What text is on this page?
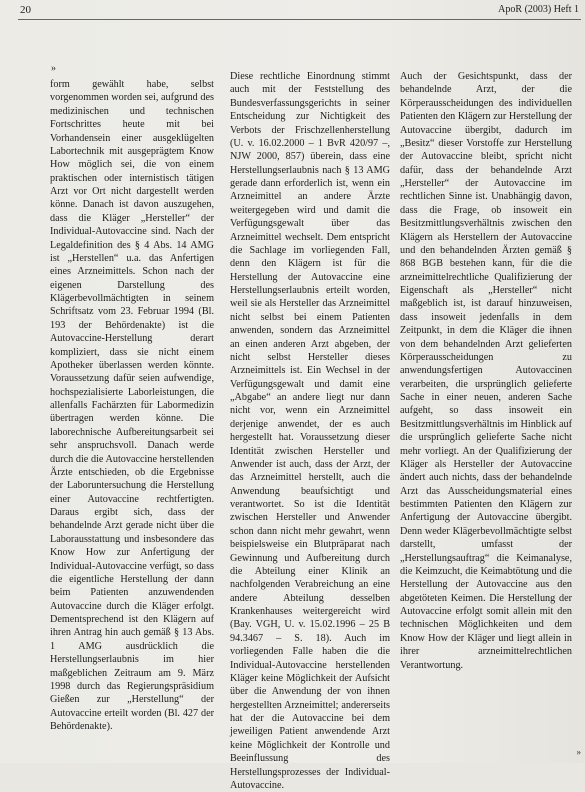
20	ApoR (2003) Heft 1
»

form gewählt habe, selbst vorgenommen worden sei, aufgrund des medizinischen und technischen Fortschrittes heute mit bei Vorhandensein einer ausgeklügelten Labortechnik mit ausgeprägtem Know How möglich sei, die von einem praktischen oder internistisch tätigen Arzt vor Ort nicht dargestellt werden könne. Danach ist davon auszugehen, dass die Kläger „Hersteller“ der Individual-Autovaccine sind. Nach der Legaldefinition des § 4 Abs. 14 AMG ist „Herstellen“ u.a. das Anfertigen eines Arzneimittels. Schon nach der eigenen Darstellung des Klägerbevollmächtigten in seinem Schriftsatz vom 23. Februar 1994 (Bl. 193 der Behördenakte) ist die Autovaccine-Herstellung derart kompliziert, dass sie nicht einem Apotheker überlassen werden könnte. Voraussetzung dafür seien aufwendige, hochspezialisierte Laborleistungen, die allenfalls Fachärzten für Labormedizin übertragen werden könne. Die laborechnische Aufbereitungsarbeit sei sehr anspruchsvoll. Danach werde durch die die Autovaccine herstellenden Ärzte entschieden, ob die Ergebnisse der Laboruntersuchung die Herstellung einer Autovaccine rechtfertigten. Daraus ergibt sich, dass der behandelnde Arzt gerade nicht über die Laborausstattung und insbesondere das Know How zur Anfertigung der Individual-Autovaccine verfügt, so dass die eigentliche Herstellung der dann beim Patienten anzuwendenden Autovaccine durch die Kläger erfolgt. Dementsprechend ist den Klägern auf ihren Antrag hin auch gemäß § 13 Abs. 1 AMG ausdrücklich die Herstellungserlaubnis im hier maßgeblichen Zeitraum am 9. März 1998 durch das Regierungspräsidium Gießen zur „Herstellung“ der Autovaccine erteilt worden (Bl. 427 der Behördenakte).

Diese rechtliche Einordnung stimmt auch mit der Feststellung des Bundesverfassungsgerichts in seiner Entscheidung zur Nichtigkeit des Verbots der Frischzellenherstellung (U. v. 16.02.2000 – 1 BvR 420/97 –, NJW 2000, 857) überein, dass eine Herstellungserlaubnis nach § 13 AMG gerade dann erforderlich ist, wenn ein Arzneimittel an andere Ärzte weitergegeben wird und damit die Verfügungsgewalt über das Arzneimittel wechselt. Dem entspricht die Sachlage im vorliegenden Fall, denn den Klägern ist für die Herstellung der Autovaccine eine Herstellungserlaubnis erteilt worden, weil sie als Hersteller das Arzneimittel nicht selbst bei einem Patienten anwenden, sondern das Arzneimittel an einen anderen Arzt abgeben, der nicht selbst Hersteller dieses Arzneimittels ist. Ein Wechsel in der Verfügungsgewalt und damit eine „Abgabe“ an andere liegt nur dann nicht vor, wenn ein Arzneimittel derjenige anwendet, der es auch hergestellt hat. Voraussetzung dieser Identität zwischen Hersteller und Anwender ist auch, dass der Arzt, der das Arzneimittel herstellt, auch die Anwendung beaufsichtigt und verantwortet. So ist die Identität zwischen Hersteller und Anwender schon dann nicht mehr gewahrt, wenn beispielsweise ein Blutpräparat nach Gewinnung und Aufbereitung durch die Abteilung einer Klinik an nachfolgenden Verabreichung an eine andere Abteilung desselben Krankenhauses weitergereicht wird (Bay. VGH, U. v. 15.02.1996 – 25 B 94.3467 – S. 18). Auch im vorliegenden Falle haben die die Individual-Autovaccine herstellenden Kläger keine Möglichkeit der Aufsicht über die Anwendung der von ihnen hergestellten Arzneimittel; andererseits hat der die Autovaccine bei dem jeweiligen Patient anwendende Arzt keine Möglichkeit der Kontrolle und Beeinflussung des Herstellungsprozesses der Individual-Autovaccine.

Auch der Gesichtspunkt, dass der behandelnde Arzt, der die Körperausscheidungen des individuellen Patienten den Klägern zur Herstellung der Autovaccine übergibt, dadurch im „Besitz“ dieser Vorstoffe zur Herstellung der Autovaccine bleibt, spricht nicht dafür, dass der behandelnde Arzt „Hersteller“ der Autovaccine im rechtlichen Sinne ist. Unabhängig davon, dass die Frage, ob insoweit ein Besitzmittlungsverhältnis zwischen den Klägern als Herstellern der Autovaccine und den behandelnden Ärzten gemäß § 868 BGB bestehen kann, für die die arzneimittelrechtliche Qualifizierung der Eigenschaft als „Hersteller“ nicht maßgeblich ist, ist darauf hinzuweisen, dass insoweit jedenfalls in dem Zeitpunkt, in dem die Kläger die ihnen von dem behandelnden Arzt gelieferten Körperausscheidungen zu anwendungsfertigen Autovaccinen verarbeiten, die ursprünglich gelieferte Sache in einer neuen, anderen Sache aufgeht, so dass insoweit ein Besitzmittlungsverhältnis im Hinblick auf die ursprünglich gelieferte Sache nicht mehr vorliegt. An der Qualifizierung der Kläger als Hersteller der Autovaccine ändert auch nichts, dass der behandelnde Arzt das Ausscheidungsmaterial eines bestimmten Patienten den Klägern zur Anfertigung der Autovaccine übergibt. Denn weder Klägerbevollmächtigte selbst darstellt, umfasst der „Herstellungsauftrag“ die Keimanalyse, die Keimzucht, die Keimabtötung und die Herstellung der Autovaccine aus den abgetöteten Keimen. Die Herstellung der Autovaccine erfolgt somit allein mit den technischen Möglichkeiten und dem Know How der Kläger und liegt allein in ihrer arzneimittelrechtlichen Verantwortung.

»
